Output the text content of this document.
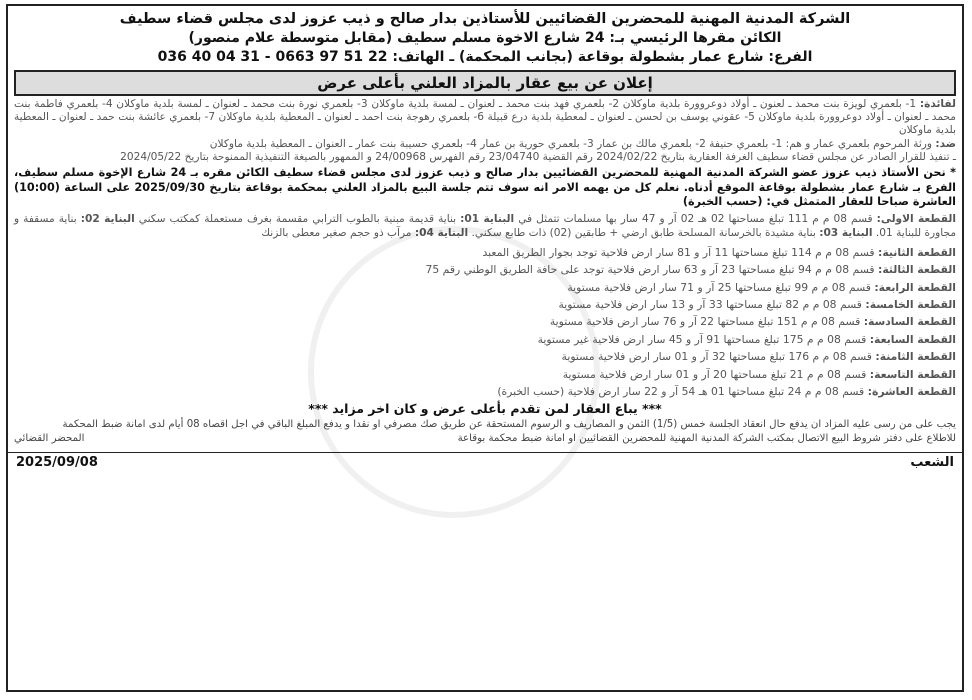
الشركة المدنية المهنية للمحضرين القضائيين للأستاذين بدار صالح و ذيب عزوز لدى مجلس قضاء سطيف
الكائن مقرها الرئيسي بـ: 24 شارع الاخوة مسلم سطيف (مقابل متوسطة علام منصور)
الفرع: شارع عمار بشطولة بوقاعة (بجانب المحكمة) ـ الهاتف: 036 40 04 31 - 0663 97 51 22
إعلان عن بيع عقار بالمزاد العلني بأعلى عرض

لفائدة: 1- بلعمري لويزة بنت محمد ـ لعنون ـ أولاد دوعروورة بلدية ماوكلان 2- بلعمري فهد بنت محمد ـ لعنوان ـ لمسة بلدية ماوكلان 3- بلعمري نورة بنت محمد ـ لعنوان ـ لمسة بلدية ماوكلان 4- بلعمري فاطمة بنت محمد ـ لعنوان ـ أولاد دوعروورة بلدية ماوكلان 5- عقوني يوسف بن لحسن ـ لعنوان ـ لمعطية بلدية درع قبيلة 6- بلعمري رهوجة بنت احمد ـ لعنوان ـ المعطية بلدية ماوكلان 7- بلعمري عائشة بنت حمد ـ لعنوان ـ المعطية بلدية ماوكلان

ضد: ورثة المرحوم بلعمري عمار و هم: 1- بلعمري حنيفة 2- بلعمري مالك بن عمار 3- بلعمري حورية بن عمار 4- بلعمري حسيبة بنت عمار ـ العنوان ـ المعطية بلدية ماوكلان

ـ تنفيذ للقرار الصادر عن مجلس قضاء سطيف الغرفة العقارية بتاريخ 2024/02/22 رقم القضية 23/04740 رقم الفهرس 24/00968 و الممهور بالصيغة التنفيذية الممنوحة بتاريخ 2024/05/22

* نحن الأستاذ ذيب عزوز عضو الشركة المدنية المهنية للمحضرين القضائيين بدار صالح و ذيب عزوز لدى مجلس قضاء سطيف الكائن مقره بـ 24 شارع الإخوة مسلم سطيف، الفرع بـ شارع عمار بشطولة بوقاعة الموقع أدناه. نعلم كل من يهمه الامر انه سوف تتم جلسة البيع بالمزاد العلني بمحكمة بوقاعة بتاريخ 2025/09/30 على الساعة (10:00) العاشرة صباحا للعقار المتمثل في: (حسب الخبرة)

القطعة الاولى: قسم 08 م م 111 تبلغ مساحتها 02 هـ 02 آر و 47 سار بها مسلمات تتمثل في البناية 01: بناية قديمة مبنية بالطوب الترابي مقسمة بغرف مستعملة كمكتب سكني البناية 02: بناية مسقفة و مجاورة للبناية 01. البناية 03: بناية مشيدة بالخرسانة المسلحة طابق ارضي + طابقين (02) ذات طابع سكني. البناية 04: مرآب ذو حجم صغير معطى بالزنك

القطعة الثانية: قسم 08 م م 114 تبلغ مساحتها 11 آر و 81 سار ارض فلاحية توجد بجوار الطريق المعبد

القطعة الثالثة: قسم 08 م م 94 تبلغ مساحتها 23 آر و 63 سار ارض فلاحية توجد على حافة الطريق الوطني رقم 75

القطعة الرابعة: قسم 08 م م 99 تبلغ مساحتها 25 آر و 71 سار ارض فلاحية مستوية

القطعة الخامسة: قسم 08 م م 82 تبلغ مساحتها 33 آر و 13 سار ارض فلاحية مستوية

القطعة السادسة: قسم 08 م م 151 تبلغ مساحتها 22 آر و 76 سار ارض فلاحية مستوية

القطعة السابعة: قسم 08 م م 175 تبلغ مساحتها 91 آر و 45 سار ارض فلاحية غير مستوية

القطعة الثامنة: قسم 08 م م 176 تبلغ مساحتها 32 آر و 01 سار ارض فلاحية مستوية

القطعة التاسعة: قسم 08 م م 21 تبلغ مساحتها 20 آر و 01 سار ارض فلاحية مستوية

القطعة العاشرة: قسم 08 م م 24 تبلغ مساحتها 01 هـ 54 آر و 22 سار ارض فلاحية (حسب الخبرة)

*** يباع العقار لمن تقدم بأعلى عرض و كان اخر مزايد ***

يجب على من رسى عليه المزاد ان يدفع حال انعقاد الجلسة خمس (1/5) الثمن و المصاريف و الرسوم المستحقة عن طريق صك مصرفي او نقدا و يدفع المبلغ الباقي في اجل اقصاه 08 أيام لدى امانة ضبط المحكمة

للاطلاع على دفتر شروط البيع الاتصال بمكتب الشركة المدنية المهنية للمحضرين القضائيين او امانة ضبط محكمة بوقاعة
المحضر القضائي

الشعب
2025/09/08
